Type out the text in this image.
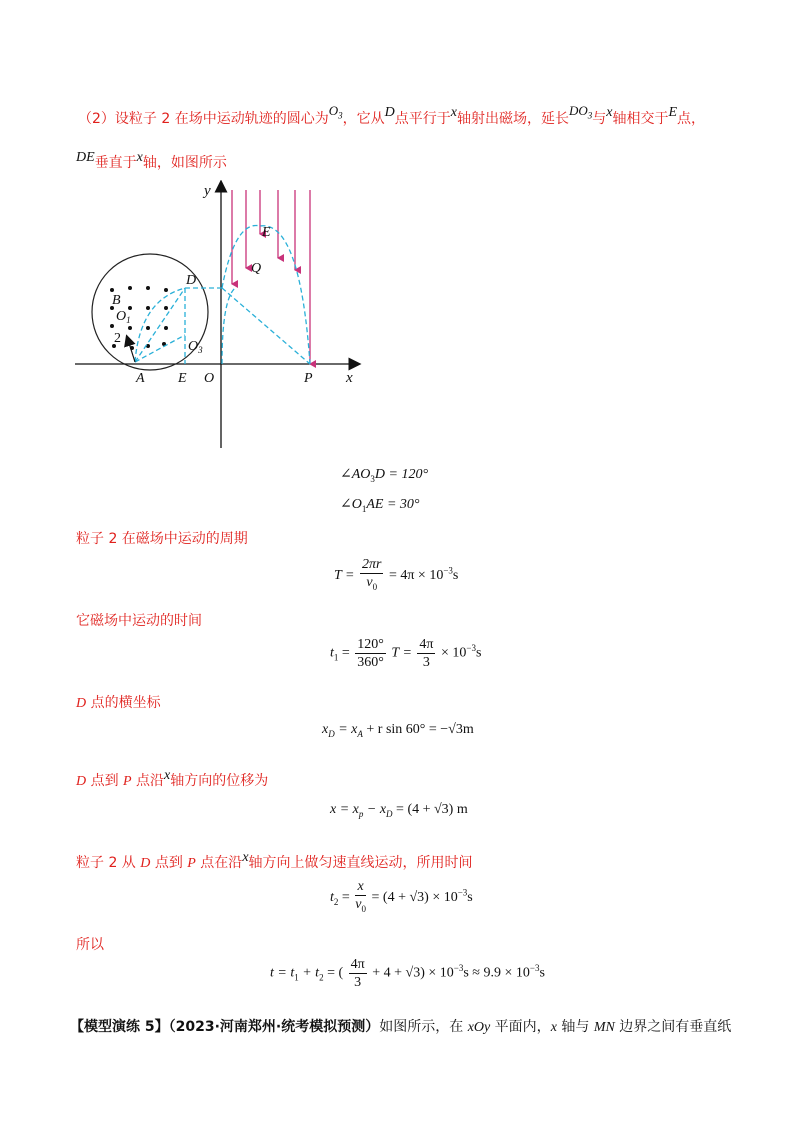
（2）设粒子 2 在场中运动轨迹的圆心为$O_3$，它从D点平行于x轴射出磁场，延长$DO_3$与x轴相交于E点，
DE垂直于x轴，如图所示
y
x
E
Q
D
B
$O_1$
2
$O_3$
A E O	P
$\angle AO_3D = 120^\circ$
$\angle O_1AE = 30^\circ$
粒子 2 在磁场中运动的周期
$T = \frac{2\pi r}{v_0} = 4\pi \times 10^{-3}s$
它磁场中运动的时间
$t_1 = \frac{120^\circ}{360^\circ}$ $T = \frac{4\pi}{3} \times 10^{-3}s$
D 点的横坐标
$x_D = x_A + r$ sin 60° = −√3m
D 点到 P 点沿x轴方向的位移为
$x = x_p - x_D = (4 + √3)$ m
粒子 2 从 D 点到 P 点在沿x轴方向上做匀速直线运动，所用时间
$t_2 = \frac{x}{v_0} = (4 + √3) \times 10^{-3}s$
所以
$t = t_1 + t_2$ = ( $\frac{4\pi}{3} + 4 + √3) \times 10^{-3}s \approx 9.9 \times 10^{-3}s$
【模型演练 5】（2023·河南郑州·统考模拟预测）如图所示，在 xOy 平面内，x 轴与 MN 边界之间有垂直纸
